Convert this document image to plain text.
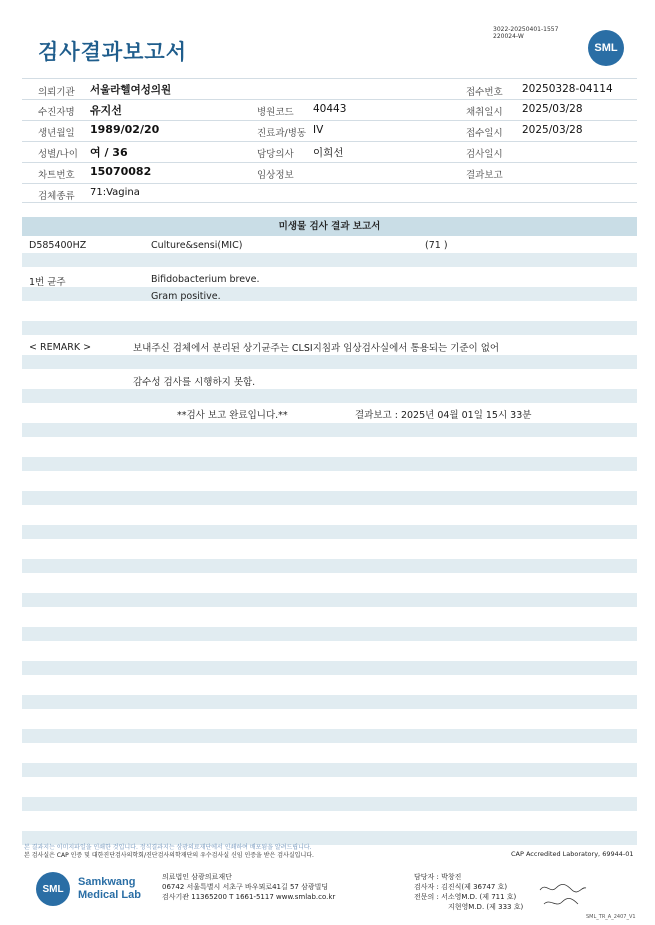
검사결과보고서
3022-20250401-1557
220024-W
SML
의뢰기관 서울라헬여성의원	접수번호 20250328-04114
수진자명 유지선	병원코드 40443	채취일시 2025/03/28
생년월일 1989/02/20	진료과/병동 IV	접수일시 2025/03/28
성별/나이 여 / 36	담당의사 이희선	검사일시
차트번호 15070082	임상정보	결과보고
검체종류 71:Vagina
미생물 검사 결과 보고서
D585400HZ	Culture&sensi(MIC)	(71 )
1번 균주	Bifidobacterium breve.
Gram positive.
< REMARK >	보내주신 검체에서 분리된 상기균주는 CLSI지침과 임상검사실에서 통용되는 기준이 없어
감수성 검사를 시행하지 못함.
**검사 보고 완료입니다.**	결과보고 : 2025년 04월 01일 15시 33분
본 결과지는 이미지파일을 인쇄한 것입니다. 정식결과지는 삼광의료재단에서 인쇄하여 배포됨을 알려드립니다.
본 검사실은 CAP 인증 및 대한진단검사의학회/진단검사의학재단의 우수검사실 신임 인증을 받은 검사실입니다.	CAP Accredited Laboratory, 69944-01
SML
Samkwang
Medical Lab
의료법인 삼광의료재단
06742 서울특별시 서초구 바우뫼로41길 57 삼광빌딩
검사기관 11365200 T 1661-5117 www.smlab.co.kr
담당자 : 박창진
검사자 : 김진식(제 36747 호)
전문의 : 서소영M.D. (제 711 호)
지현영M.D. (제 333 호)
SML_TR_A_2407_V1
